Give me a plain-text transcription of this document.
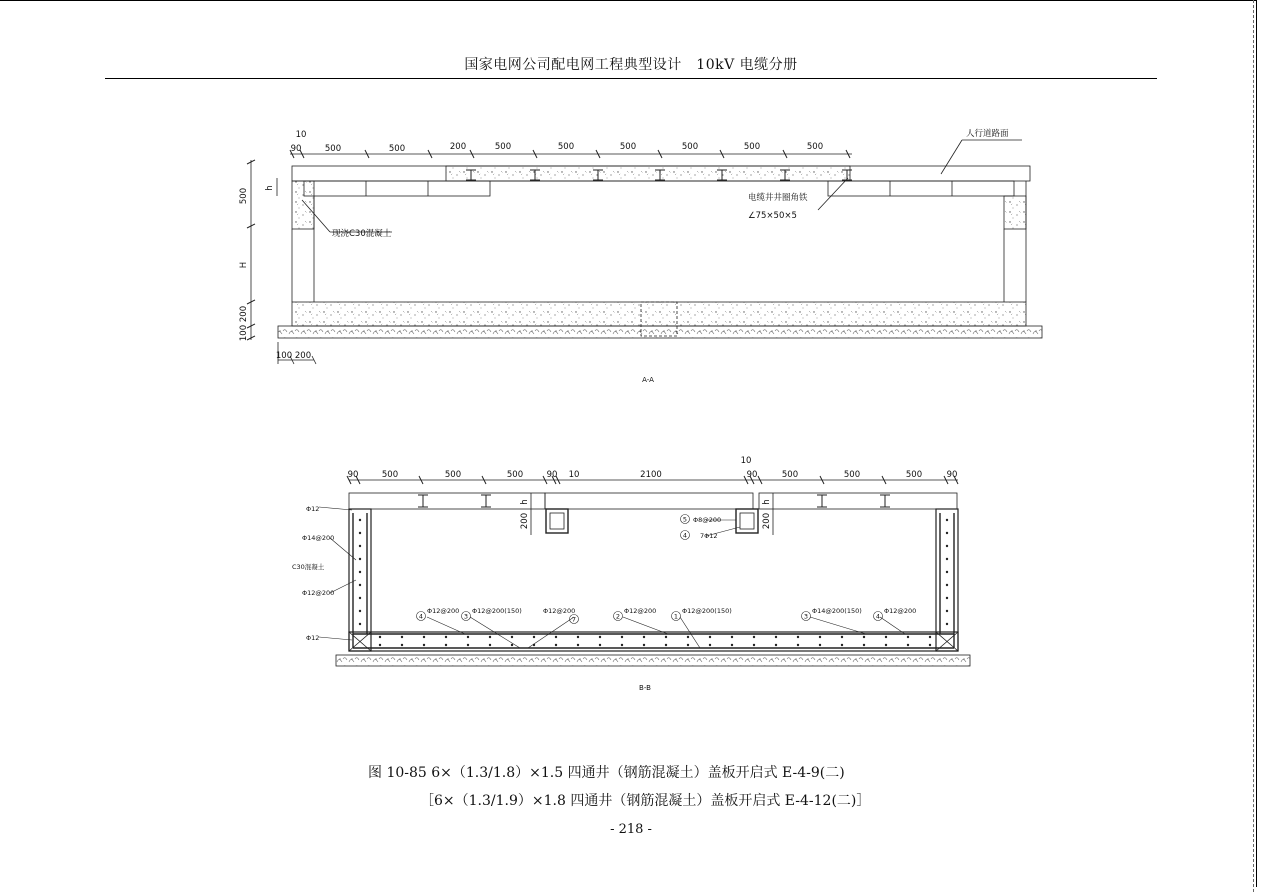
国家电网公司配电网工程典型设计　10kV 电缆分册
10
90	500	500	200	500	500	500	500	500	500
500 h
H
200
100
100 200
人行道路面
电缆井井圈角铁
∠75×50×5
现浇C30混凝土
A-A
90	500	500	500	90 10	2100	90	500	500	500	90
10
h
200
h
200
Φ12
Φ14@200
C30混凝土
Φ12@200
Φ12
4
Φ12@200
3
Φ12@200(150)
7
Φ12@200
2
Φ12@200
1
Φ12@200(150)
3
Φ14@200(150)
4
Φ12@200
5 Φ8@200
4 7Φ12
B-B
图 10-85 6×（1.3/1.8）×1.5 四通井（钢筋混凝土）盖板开启式 E-4-9(二)
［6×（1.3/1.9）×1.8 四通井（钢筋混凝土）盖板开启式 E-4-12(二)］
- 218 -
